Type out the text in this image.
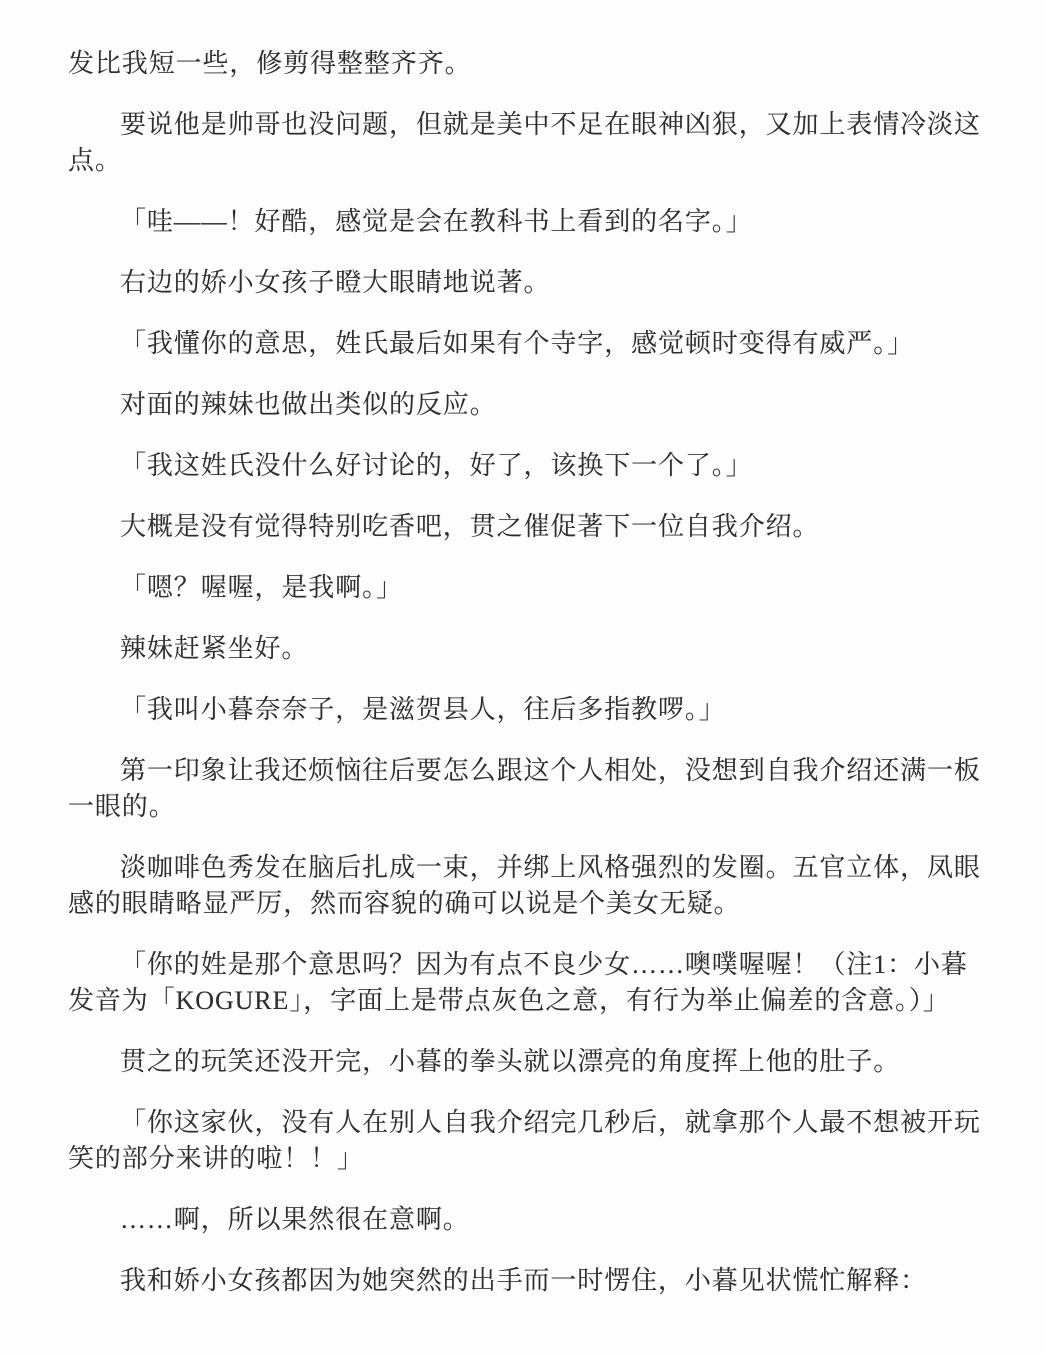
发比我短一些，修剪得整整齐齐。

要说他是帅哥也没问题，但就是美中不足在眼神凶狠，又加上表情冷淡这点。

「哇——！好酷，感觉是会在教科书上看到的名字。」

右边的娇小女孩子瞪大眼睛地说著。

「我懂你的意思，姓氏最后如果有个寺字，感觉顿时变得有威严。」

对面的辣妹也做出类似的反应。

「我这姓氏没什么好讨论的，好了，该换下一个了。」

大概是没有觉得特别吃香吧，贯之催促著下一位自我介绍。

「嗯？喔喔，是我啊。」

辣妹赶紧坐好。

「我叫小暮奈奈子，是滋贺县人，往后多指教啰。」

第一印象让我还烦恼往后要怎么跟这个人相处，没想到自我介绍还满一板一眼的。

淡咖啡色秀发在脑后扎成一束，并绑上风格强烈的发圈。五官立体，凤眼感的眼睛略显严厉，然而容貌的确可以说是个美女无疑。

「你的姓是那个意思吗？因为有点不良少女……噢噗喔喔！（注1：小暮发音为「KOGURE」，字面上是带点灰色之意，有行为举止偏差的含意。）」

贯之的玩笑还没开完，小暮的拳头就以漂亮的角度挥上他的肚子。

「你这家伙，没有人在别人自我介绍完几秒后，就拿那个人最不想被开玩笑的部分来讲的啦！！」

……啊，所以果然很在意啊。

我和娇小女孩都因为她突然的出手而一时愣住，小暮见状慌忙解释：
